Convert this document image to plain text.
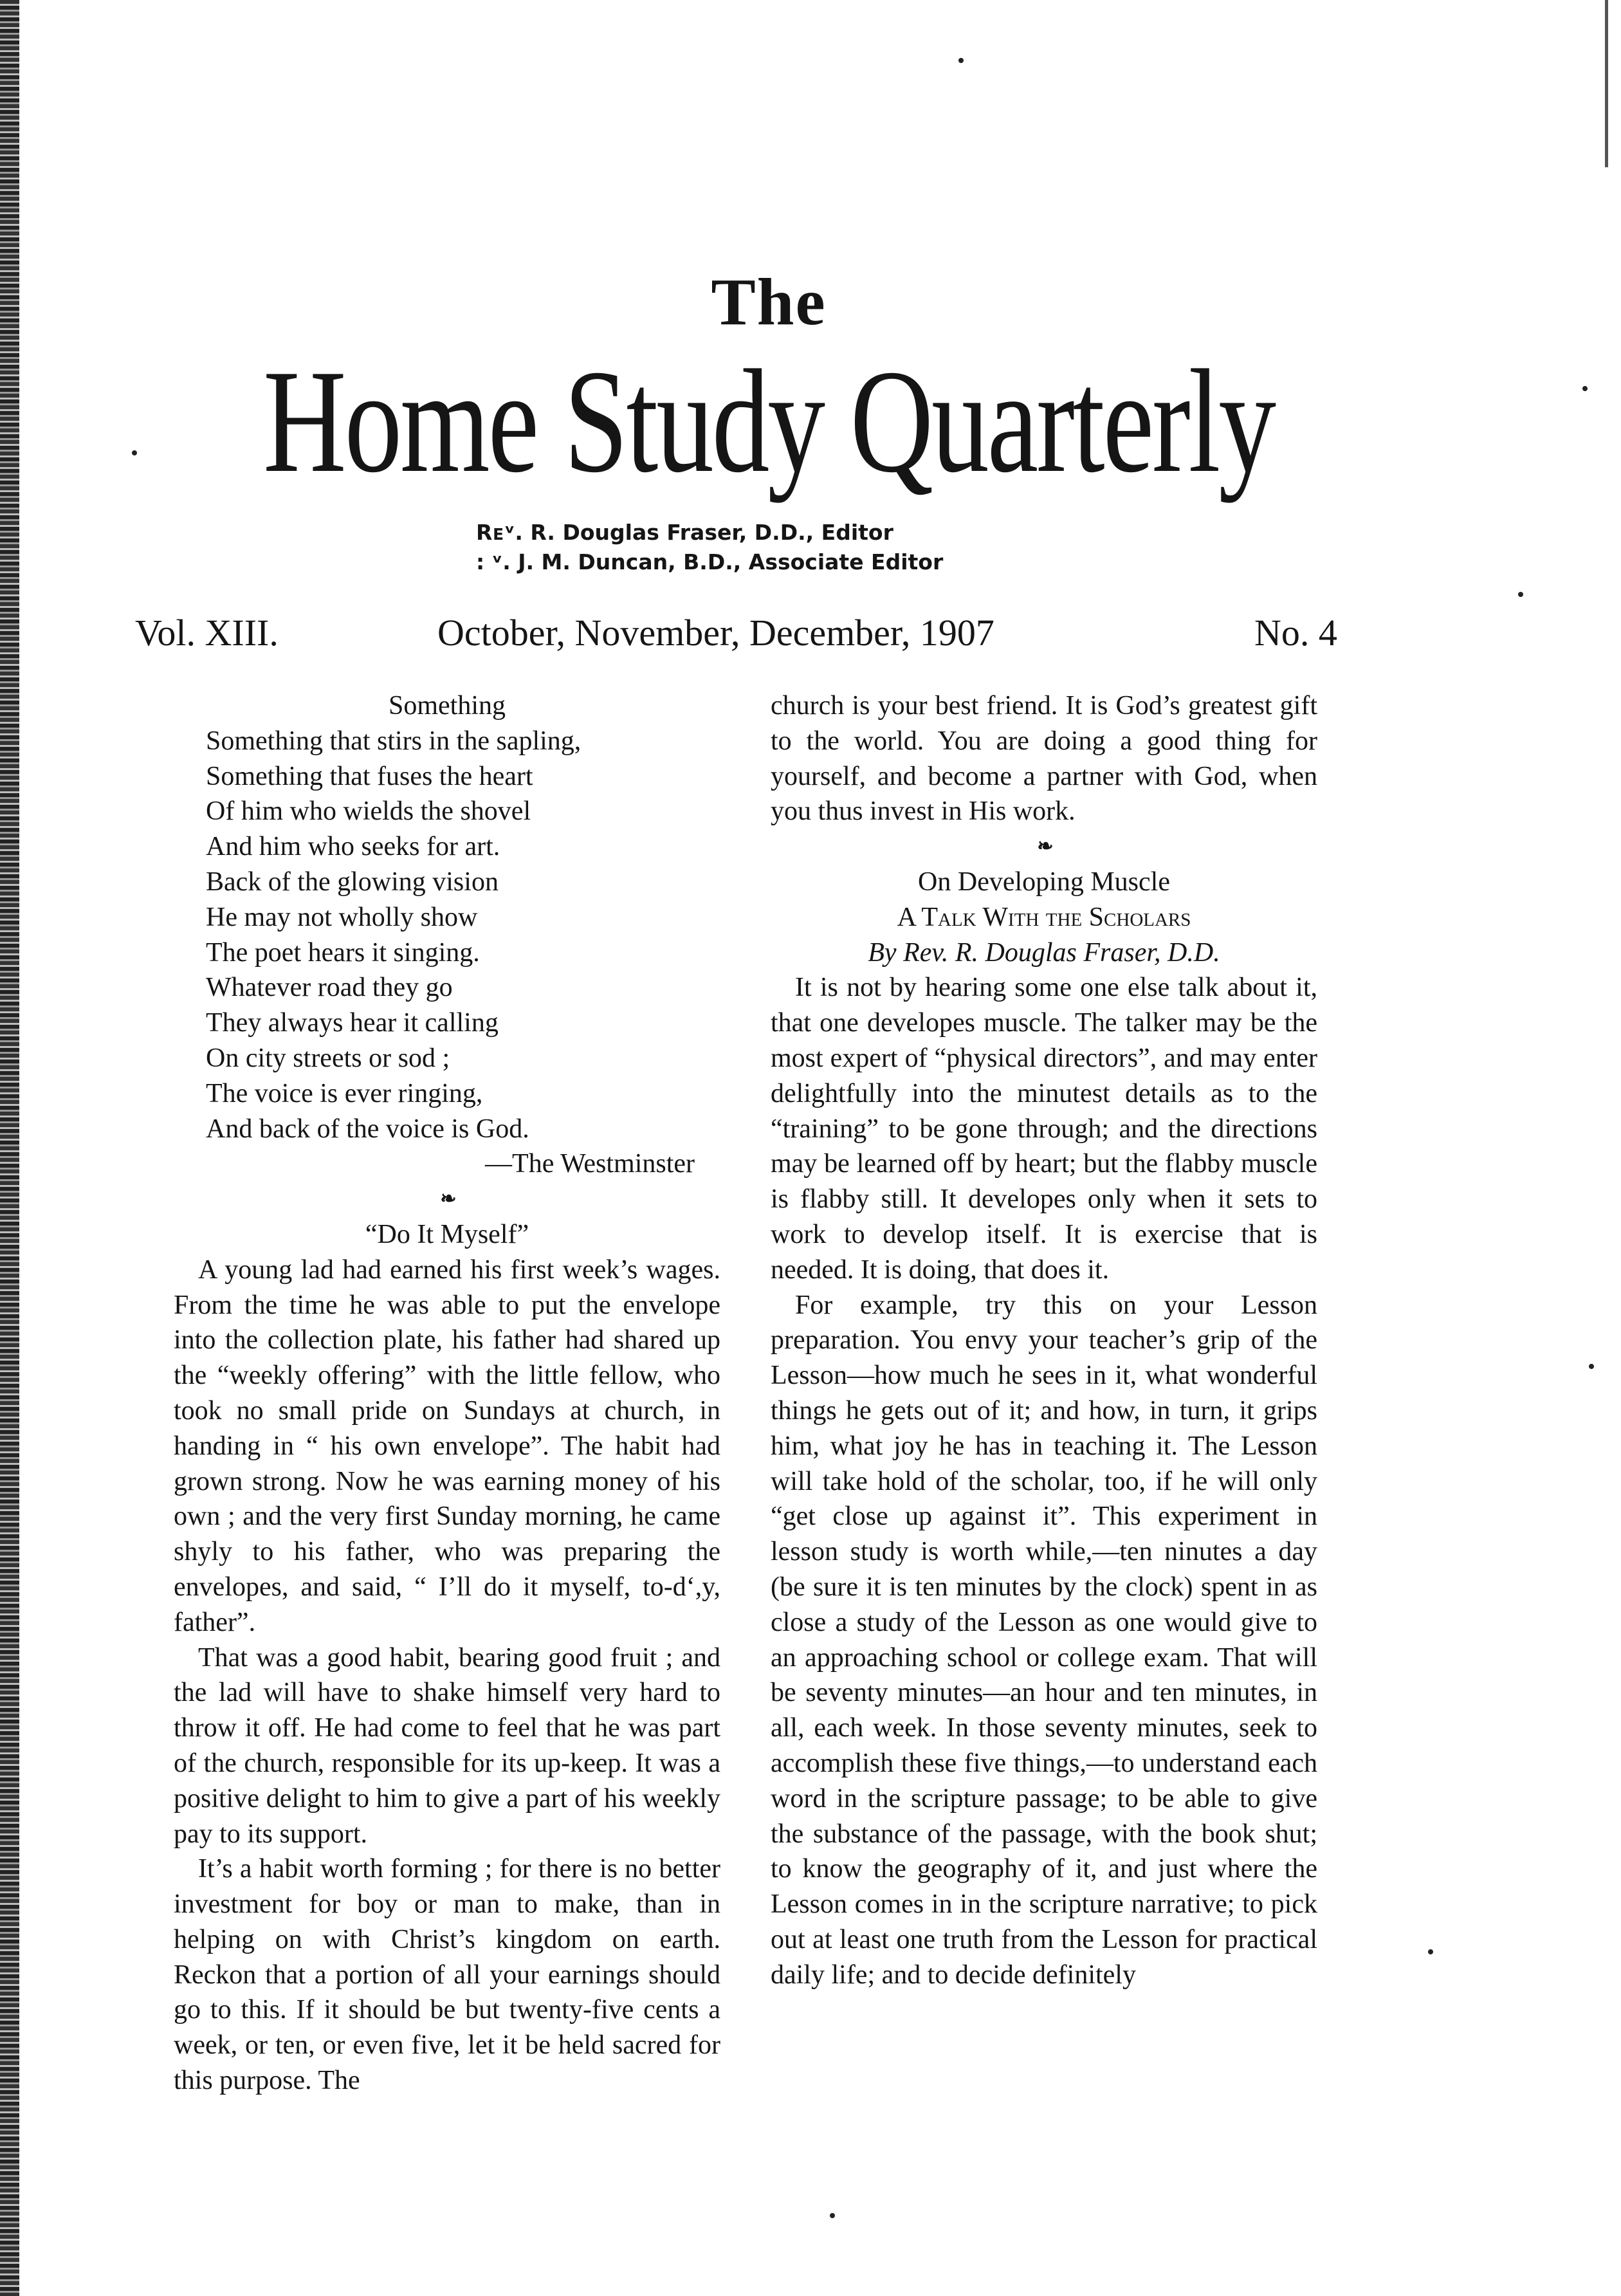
The
Home Study Quarterly
Rᴇᵛ. R. Douglas Fraser, D.D., Editor
: ᵛ. J. M. Duncan, B.D., Associate Editor
Vol. XIII.	October, November, December, 1907	No. 4

Something

Something that stirs in the sapling,
Something that fuses the heart
Of him who wields the shovel
And him who seeks for art.
Back of the glowing vision
He may not wholly show
The poet hears it singing.
Whatever road they go
They always hear it calling
On city streets or sod ;
The voice is ever ringing,
And back of the voice is God.

—The Westminster

❧

“Do It Myself”

A young lad had earned his first week’s wages. From the time he was able to put the envelope into the collection plate, his father had shared up the “weekly offering” with the little fellow, who took no small pride on Sundays at church, in handing in “ his own envelope”. The habit had grown strong. Now he was earning money of his own ; and the very first Sunday morning, he came shyly to his father, who was preparing the envelopes, and said, “ I’ll do it myself, to-d‘,y, father”.

That was a good habit, bearing good fruit ; and the lad will have to shake himself very hard to throw it off. He had come to feel that he was part of the church, responsible for its up-keep. It was a positive delight to him to give a part of his weekly pay to its support.

It’s a habit worth forming ; for there is no better investment for boy or man to make, than in helping on with Christ’s kingdom on earth. Reckon that a portion of all your earnings should go to this. If it should be but twenty-five cents a week, or ten, or even five, let it be held sacred for this purpose. The

church is your best friend. It is God’s greatest gift to the world. You are doing a good thing for yourself, and become a partner with God, when you thus invest in His work.

❧

On Developing Muscle

A Talk With the Scholars

By Rev. R. Douglas Fraser, D.D.

It is not by hearing some one else talk about it, that one developes muscle. The talker may be the most expert of “physical directors”, and may enter delightfully into the minutest details as to the “training” to be gone through; and the directions may be learned off by heart; but the flabby muscle is flabby still. It developes only when it sets to work to develop itself. It is exercise that is needed. It is doing, that does it.

For example, try this on your Lesson preparation. You envy your teacher’s grip of the Lesson—how much he sees in it, what wonderful things he gets out of it; and how, in turn, it grips him, what joy he has in teaching it. The Lesson will take hold of the scholar, too, if he will only “get close up against it”. This experiment in lesson study is worth while,—ten ninutes a day (be sure it is ten minutes by the clock) spent in as close a study of the Lesson as one would give to an approaching school or college exam. That will be seventy minutes—an hour and ten minutes, in all, each week. In those seventy minutes, seek to accomplish these five things,—to understand each word in the scripture passage; to be able to give the substance of the passage, with the book shut; to know the geography of it, and just where the Lesson comes in in the scripture narrative; to pick out at least one truth from the Lesson for practical daily life; and to decide definitely
